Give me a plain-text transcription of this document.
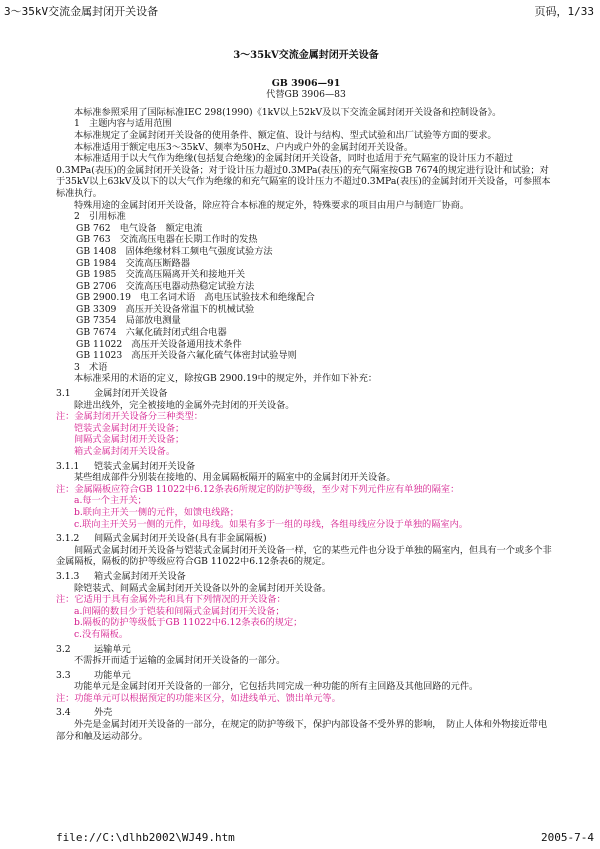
3～35kV交流金属封闭开关设备	页码，1/33

3～35kV交流金属封闭开关设备

GB 3906—91

代替GB 3906—83

本标准参照采用了国际标准IEC 298(1990)《1kV以上52kV及以下交流金属封闭开关设备和控制设备》。

1　主题内容与适用范围

本标准规定了金属封闭开关设备的使用条件、额定值、设计与结构、型式试验和出厂试验等方面的要求。

本标准适用于额定电压3～35kV、频率为50Hz、户内或户外的金属封闭开关设备。

本标准适用于以大气作为绝缘(包括复合绝缘)的金属封闭开关设备，同时也适用于充气隔室的设计压力不超过0.3MPa(表压)的金属封闭开关设备；对于设计压力超过0.3MPa(表压)的充气隔室按GB 7674的规定进行设计和试验；对于35kV以上63kV及以下的以大气作为绝缘的和充气隔室的设计压力不超过0.3MPa(表压)的金属封闭开关设备，可参照本标准执行。

特殊用途的金属封闭开关设备，除应符合本标准的规定外，特殊要求的项目由用户与制造厂协商。

2　引用标准

GB 762　电气设备　额定电流

GB 763　交流高压电器在长期工作时的发热

GB 1408　固体绝缘材料工频电气强度试验方法

GB 1984　交流高压断路器

GB 1985　交流高压隔离开关和接地开关

GB 2706　交流高压电器动热稳定试验方法

GB 2900.19　电工名词术语　高电压试验技术和绝缘配合

GB 3309　高压开关设备常温下的机械试验

GB 7354　局部放电测量

GB 7674　六氟化硫封闭式组合电器

GB 11022　高压开关设备通用技术条件

GB 11023　高压开关设备六氟化硫气体密封试验导则

3　术语

本标准采用的术语的定义，除按GB 2900.19中的规定外，并作如下补充：

3.1	金属封闭开关设备

除进出线外，完全被接地的金属外壳封闭的开关设备。

注：金属封闭开关设备分三种类型：

铠装式金属封闭开关设备；

间隔式金属封闭开关设备；

箱式金属封闭开关设备。

3.1.1 铠装式金属封闭开关设备

某些组成部件分别装在接地的、用金属隔板隔开的隔室中的金属封闭开关设备。

注：金属隔板应符合GB 11022中6.12条表6所规定的防护等级，至少对下列元件应有单独的隔室：

a.每一个主开关；

b.联向主开关一侧的元件，如馈电线路；

c.联向主开关另一侧的元件，如母线。如果有多于一组的母线，各组母线应分设于单独的隔室内。

3.1.2 间隔式金属封闭开关设备(具有非金属隔板)

间隔式金属封闭开关设备与铠装式金属封闭开关设备一样，它的某些元件也分设于单独的隔室内，但具有一个或多个非金属隔板，隔板的防护等级应符合GB 11022中6.12条表6的规定。

3.1.3 箱式金属封闭开关设备

除铠装式、间隔式金属封闭开关设备以外的金属封闭开关设备。

注：它适用于具有金属外壳和具有下列情况的开关设备：

a.间隔的数目少于铠装和间隔式金属封闭开关设备；

b.隔板的防护等级低于GB 11022中6.12条表6的规定；

c.没有隔板。

3.2	运输单元

不需拆开而适于运输的金属封闭开关设备的一部分。

3.3	功能单元

功能单元是金属封闭开关设备的一部分，它包括共同完成一种功能的所有主回路及其他回路的元件。

注：功能单元可以根据预定的功能来区分，如进线单元、馈出单元等。

3.4	外壳

外壳是金属封闭开关设备的一部分，在规定的防护等级下，保护内部设备不受外界的影响，　防止人体和外物接近带电部分和触及运动部分。

file://C:\dlhb2002\WJ49.htm	2005-7-4
